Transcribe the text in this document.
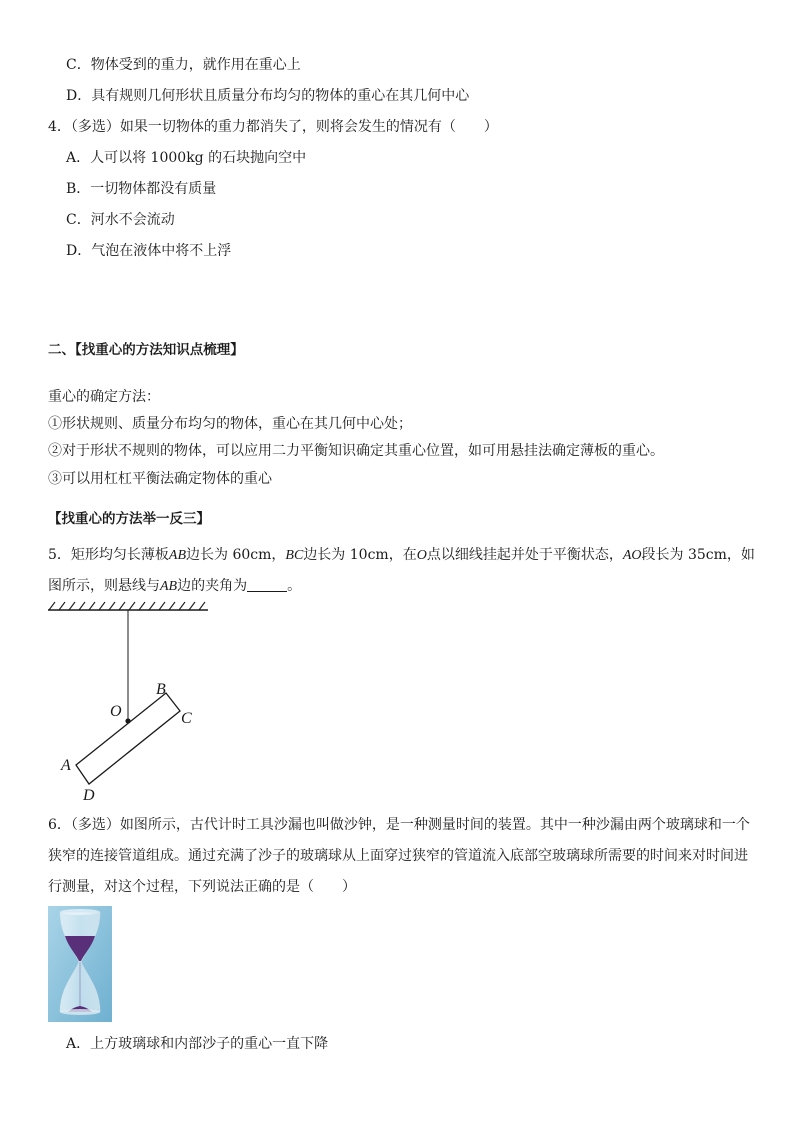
C．物体受到的重力，就作用在重心上
D．具有规则几何形状且质量分布均匀的物体的重心在其几何中心
4．（多选）如果一切物体的重力都消失了，则将会发生的情况有（　　）
A．人可以将 1000kg 的石块抛向空中
B．一切物体都没有质量
C．河水不会流动
D．气泡在液体中将不上浮
二、【找重心的方法知识点梳理】
重心的确定方法：
①形状规则、质量分布均匀的物体，重心在其几何中心处；
②对于形状不规则的物体，可以应用二力平衡知识确定其重心位置，如可用悬挂法确定薄板的重心。
③可以用杠杠平衡法确定物体的重心
【找重心的方法举一反三】
5．矩形均匀长薄板AB边长为 60cm，BC边长为 10cm，在O点以细线挂起并处于平衡状态，AO段长为 35cm，如
图所示，则悬线与AB边的夹角为	。
O
B
C
A
D
6．（多选）如图所示，古代计时工具沙漏也叫做沙钟，是一种测量时间的装置。其中一种沙漏由两个玻璃球和一个
狭窄的连接管道组成。通过充满了沙子的玻璃球从上面穿过狭窄的管道流入底部空玻璃球所需要的时间来对时间进
行测量，对这个过程，下列说法正确的是（　　）
A．上方玻璃球和内部沙子的重心一直下降
